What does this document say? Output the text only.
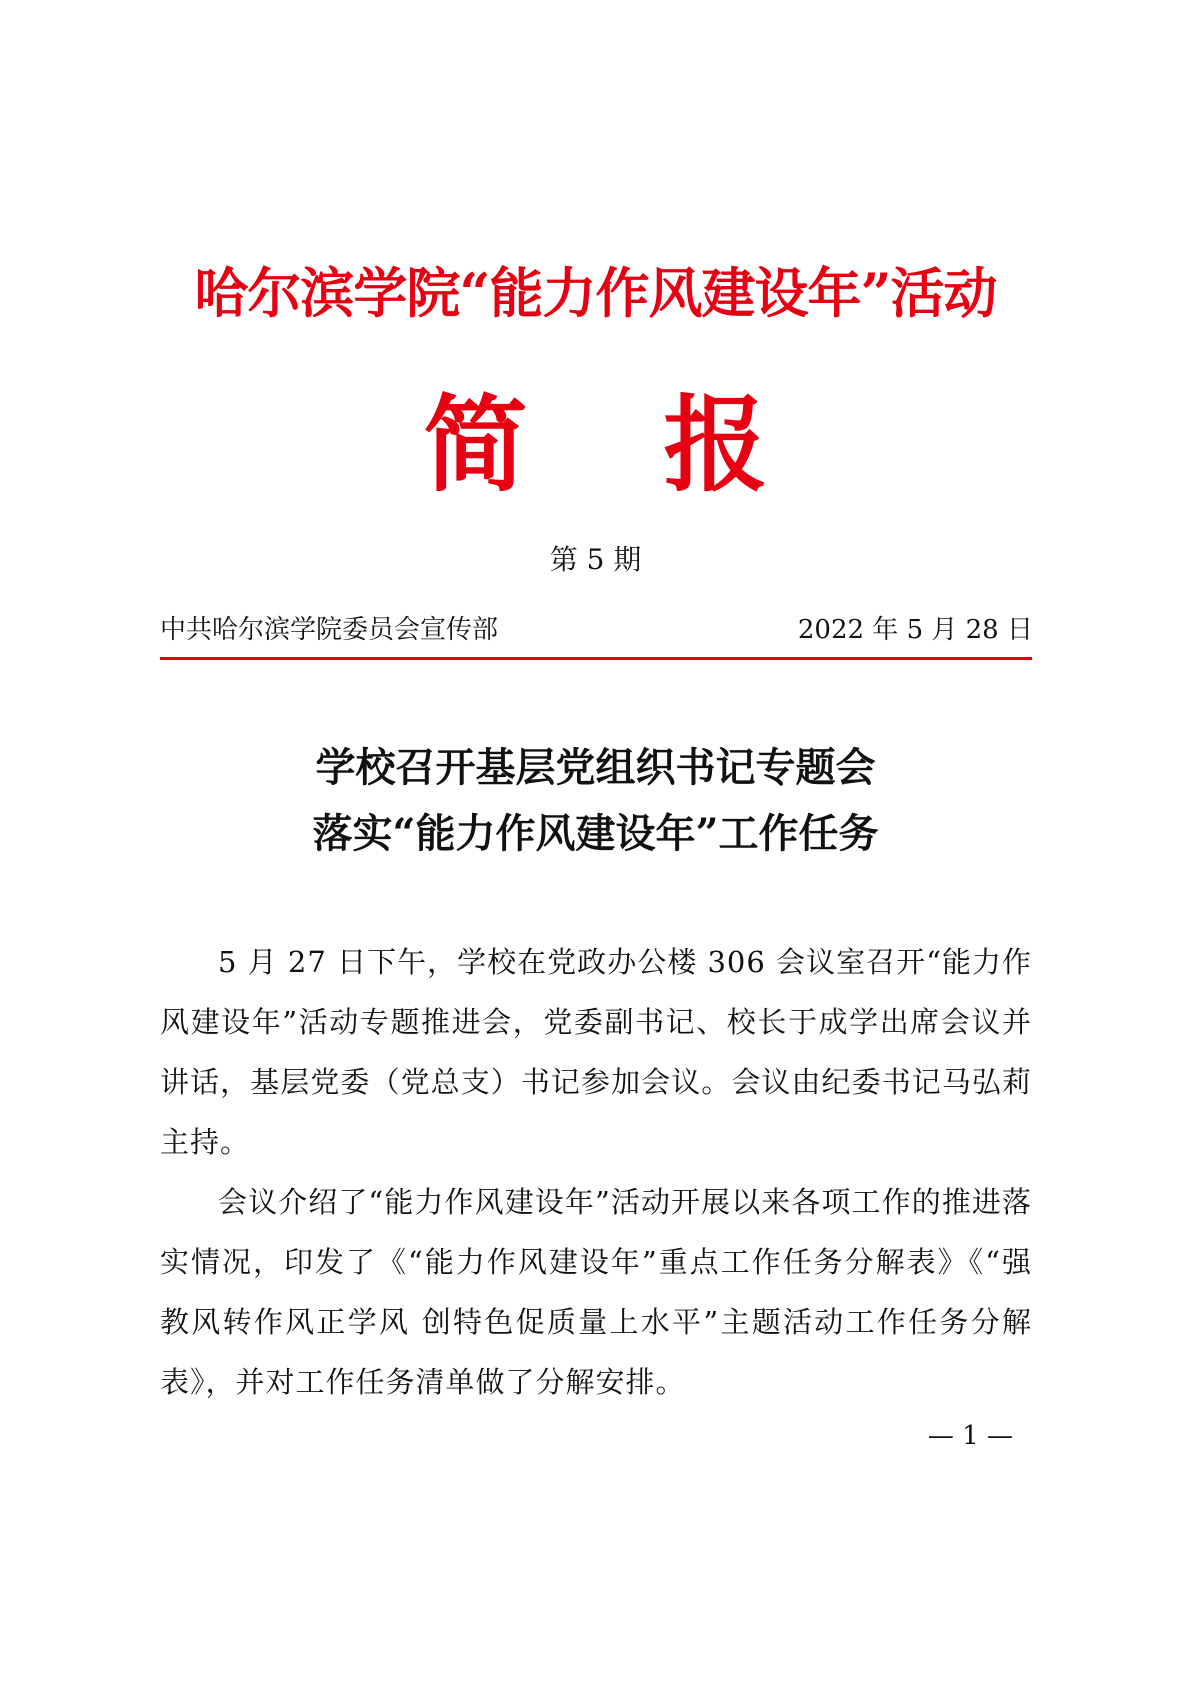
哈尔滨学院“能力作风建设年”活动
简 报
第 5 期
中共哈尔滨学院委员会宣传部	2022 年 5 月 28 日
学校召开基层党组织书记专题会
落实“能力作风建设年”工作任务

5 月 27 日下午，学校在党政办公楼 306 会议室召开“能力作风建设年”活动专题推进会，党委副书记、校长于成学出席会议并讲话，基层党委（党总支）书记参加会议。会议由纪委书记马弘莉主持。

会议介绍了“能力作风建设年”活动开展以来各项工作的推进落实情况，印发了《“能力作风建设年”重点工作任务分解表》《“强教风转作风正学风 创特色促质量上水平”主题活动工作任务分解表》，并对工作任务清单做了分解安排。

— 1 —
